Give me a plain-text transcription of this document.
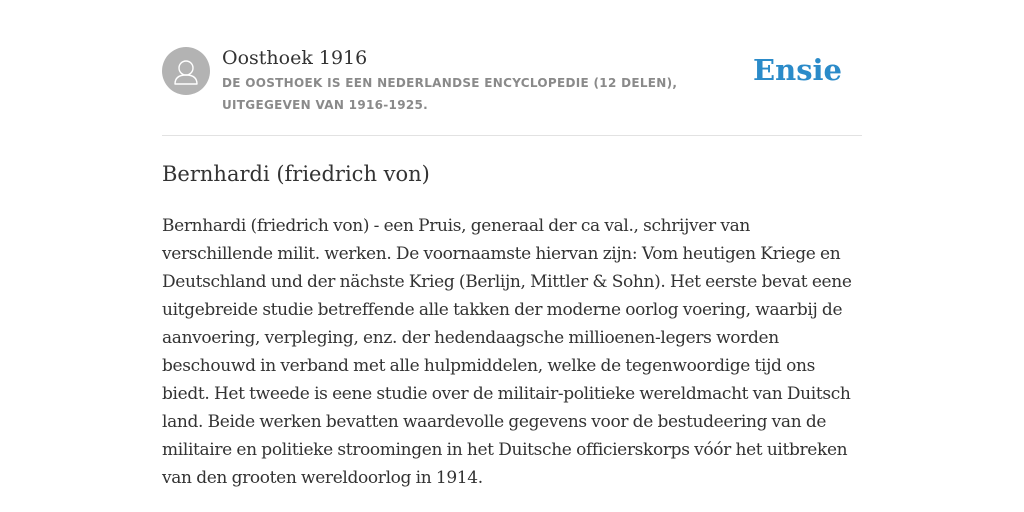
Oosthoek 1916
DE OOSTHOEK IS EEN NEDERLANDSE ENCYCLOPEDIE (12 DELEN), UITGEGEVEN VAN 1916-1925.
Ensie
Bernhardi (friedrich von)
Bernhardi (friedrich von) - een Pruis, generaal der ca val., schrijver van verschillende milit. werken. De voornaamste hiervan zijn: Vom heutigen Kriege en Deutschland und der nächste Krieg (Berlijn, Mittler & Sohn). Het eerste bevat eene uitgebreide studie betreffende alle takken der moderne oorlog voering, waarbij de aanvoering, verpleging, enz. der hedendaagsche millioenen-legers worden beschouwd in verband met alle hulpmiddelen, welke de tegenwoordige tijd ons biedt. Het tweede is eene studie over de militair-politieke wereldmacht van Duitsch land. Beide werken bevatten waardevolle gegevens voor de bestudeering van de militaire en politieke stroomingen in het Duitsche officierskorps vóór het uitbreken van den grooten wereldoorlog in 1914.
